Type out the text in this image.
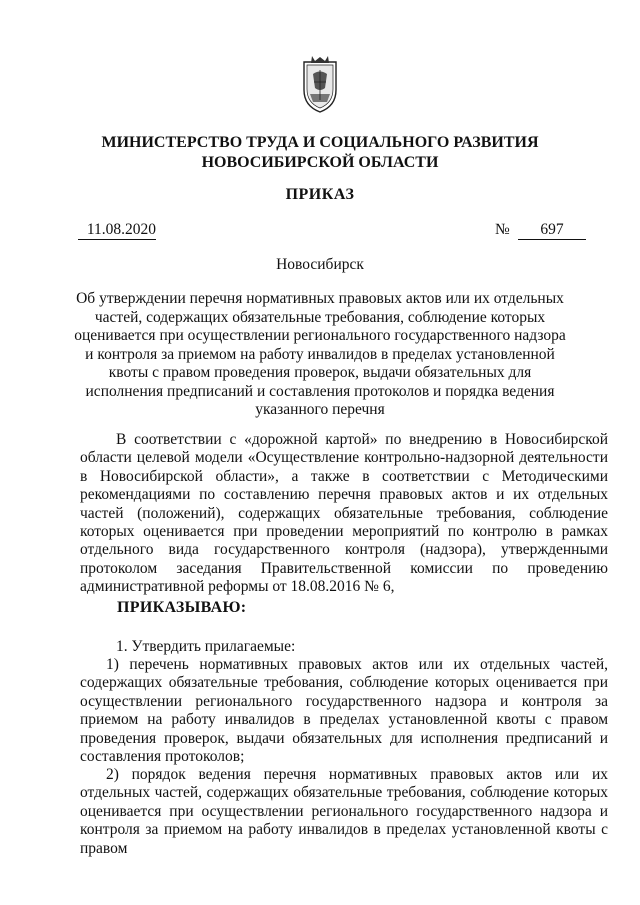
МИНИСТЕРСТВО ТРУДА И СОЦИАЛЬНОГО РАЗВИТИЯ
НОВОСИБИРСКОЙ ОБЛАСТИ
ПРИКАЗ
11.08.2020	№	697
Новосибирск
Об утверждении перечня нормативных правовых актов или их отдельных частей, содержащих обязательные требования, соблюдение которых оценивается при осуществлении регионального государственного надзора и контроля за приемом на работу инвалидов в пределах установленной квоты с правом проведения проверок, выдачи обязательных для исполнения предписаний и составления протоколов и порядка ведения указанного перечня
В соответствии с «дорожной картой» по внедрению в Новосибирской области целевой модели «Осуществление контрольно-надзорной деятельности в Новосибирской области», а также в соответствии с Методическими рекомендациями по составлению перечня правовых актов и их отдельных частей (положений), содержащих обязательные требования, соблюдение которых оценивается при проведении мероприятий по контролю в рамках отдельного вида государственного контроля (надзора), утвержденными протоколом заседания Правительственной комиссии по проведению административной реформы от 18.08.2016 № 6,
ПРИКАЗЫВАЮ:
1. Утвердить прилагаемые:
1) перечень нормативных правовых актов или их отдельных частей, содержащих обязательные требования, соблюдение которых оценивается при осуществлении регионального государственного надзора и контроля за приемом на работу инвалидов в пределах установленной квоты с правом проведения проверок, выдачи обязательных для исполнения предписаний и составления протоколов;
2) порядок ведения перечня нормативных правовых актов или их отдельных частей, содержащих обязательные требования, соблюдение которых оценивается при осуществлении регионального государственного надзора и контроля за приемом на работу инвалидов в пределах установленной квоты с правом
